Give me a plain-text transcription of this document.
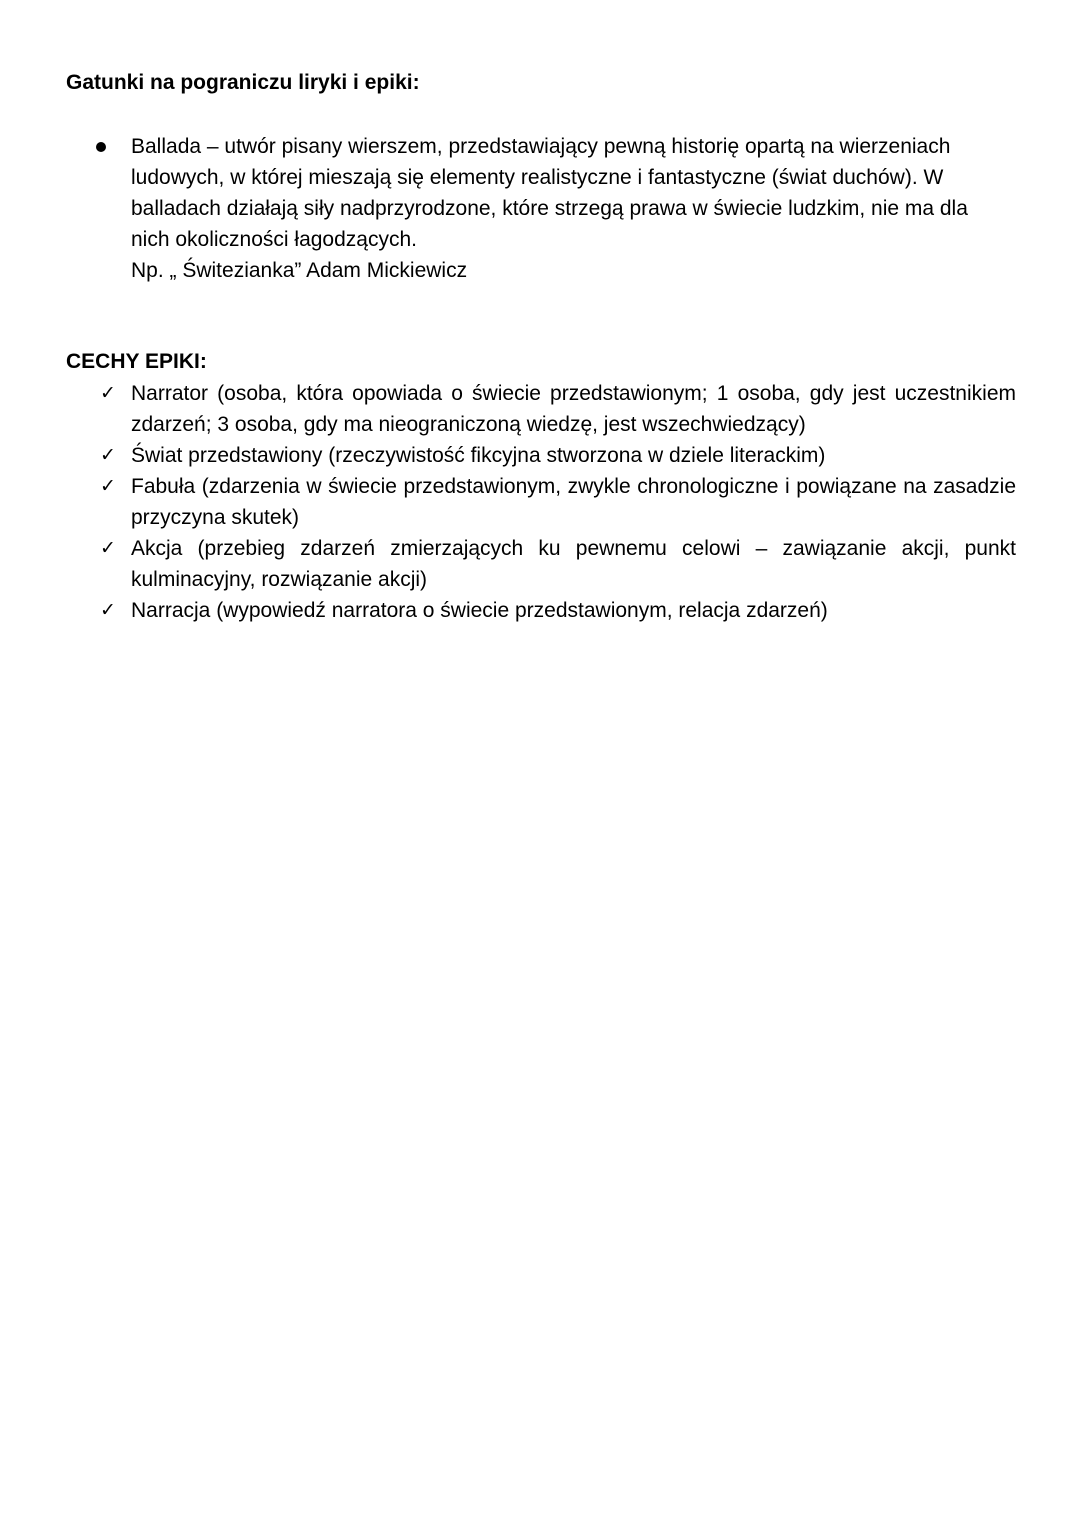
Gatunki na pograniczu liryki i epiki:

Ballada – utwór pisany wierszem, przedstawiający pewną historię opartą na wierzeniach ludowych, w której mieszają się elementy realistyczne i fantastyczne (świat duchów). W balladach działają siły nadprzyrodzone, które strzegą prawa w świecie ludzkim, nie ma dla nich okoliczności łagodzących.

Np. „ Świtezianka” Adam Mickiewicz

CECHY EPIKI:
✓ Narrator (osoba, która opowiada o świecie przedstawionym; 1 osoba, gdy jest uczestnikiem zdarzeń; 3 osoba, gdy ma nieograniczoną wiedzę, jest wszechwiedzący)
✓ Świat przedstawiony (rzeczywistość fikcyjna stworzona w dziele literackim)
✓ Fabuła (zdarzenia w świecie przedstawionym, zwykle chronologiczne i powiązane na zasadzie przyczyna skutek)
✓ Akcja (przebieg zdarzeń zmierzających ku pewnemu celowi – zawiązanie akcji, punkt kulminacyjny, rozwiązanie akcji)
✓ Narracja (wypowiedź narratora o świecie przedstawionym, relacja zdarzeń)
